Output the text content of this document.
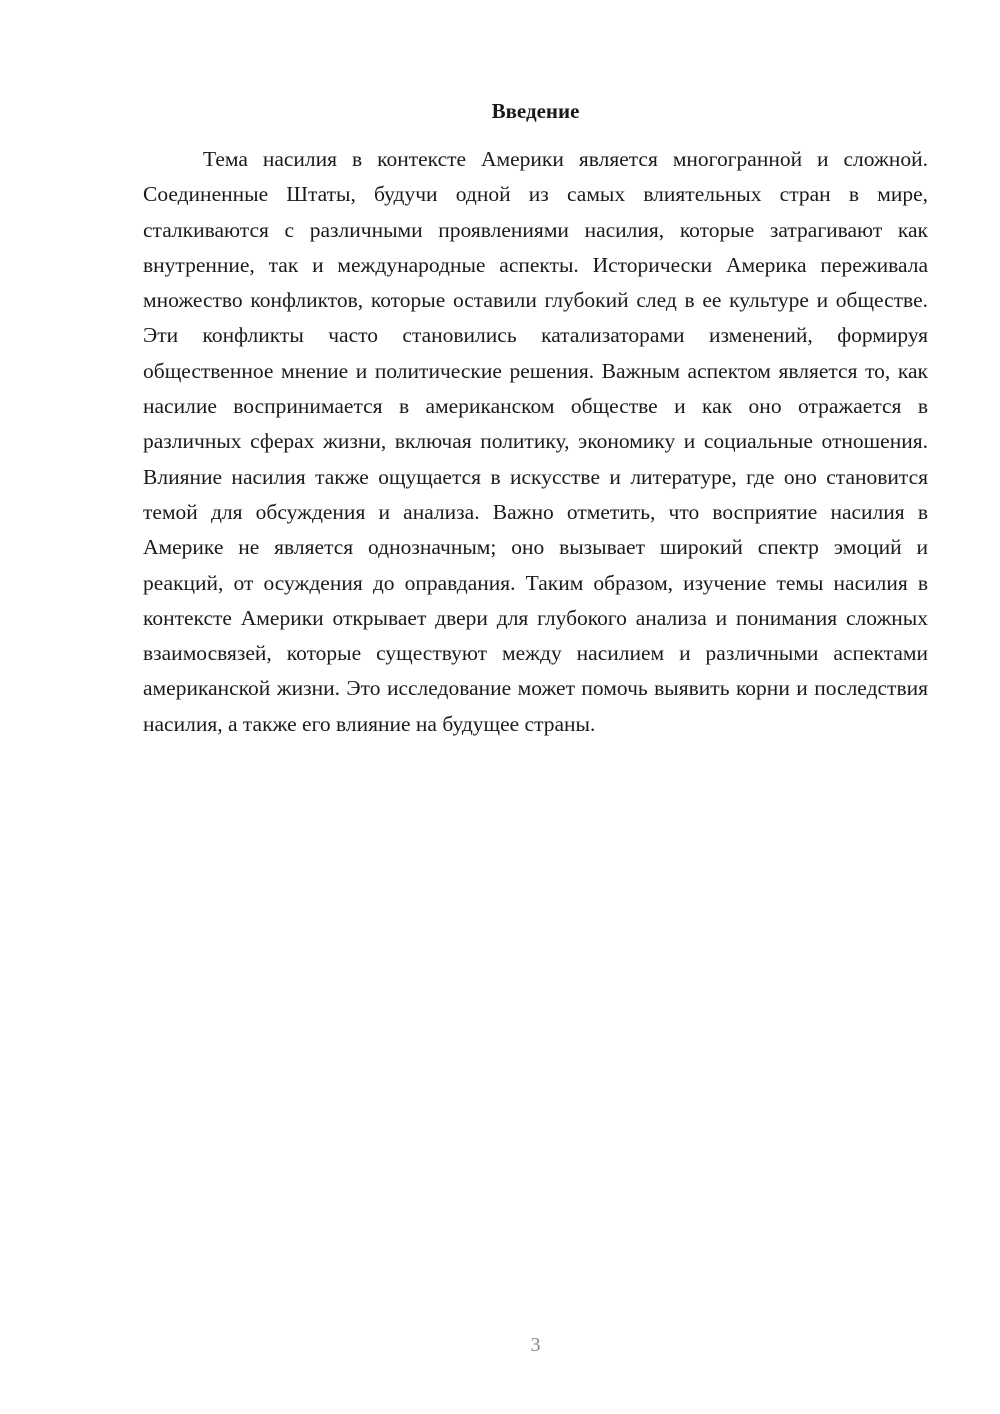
Введение

Тема насилия в контексте Америки является многогранной и сложной. Соединенные Штаты, будучи одной из самых влиятельных стран в мире, сталкиваются с различными проявлениями насилия, которые затрагивают как внутренние, так и международные аспекты. Исторически Америка переживала множество конфликтов, которые оставили глубокий след в ее культуре и обществе. Эти конфликты часто становились катализаторами изменений, формируя общественное мнение и политические решения. Важным аспектом является то, как насилие воспринимается в американском обществе и как оно отражается в различных сферах жизни, включая политику, экономику и социальные отношения. Влияние насилия также ощущается в искусстве и литературе, где оно становится темой для обсуждения и анализа. Важно отметить, что восприятие насилия в Америке не является однозначным; оно вызывает широкий спектр эмоций и реакций, от осуждения до оправдания. Таким образом, изучение темы насилия в контексте Америки открывает двери для глубокого анализа и понимания сложных взаимосвязей, которые существуют между насилием и различными аспектами американской жизни. Это исследование может помочь выявить корни и последствия насилия, а также его влияние на будущее страны.

3
